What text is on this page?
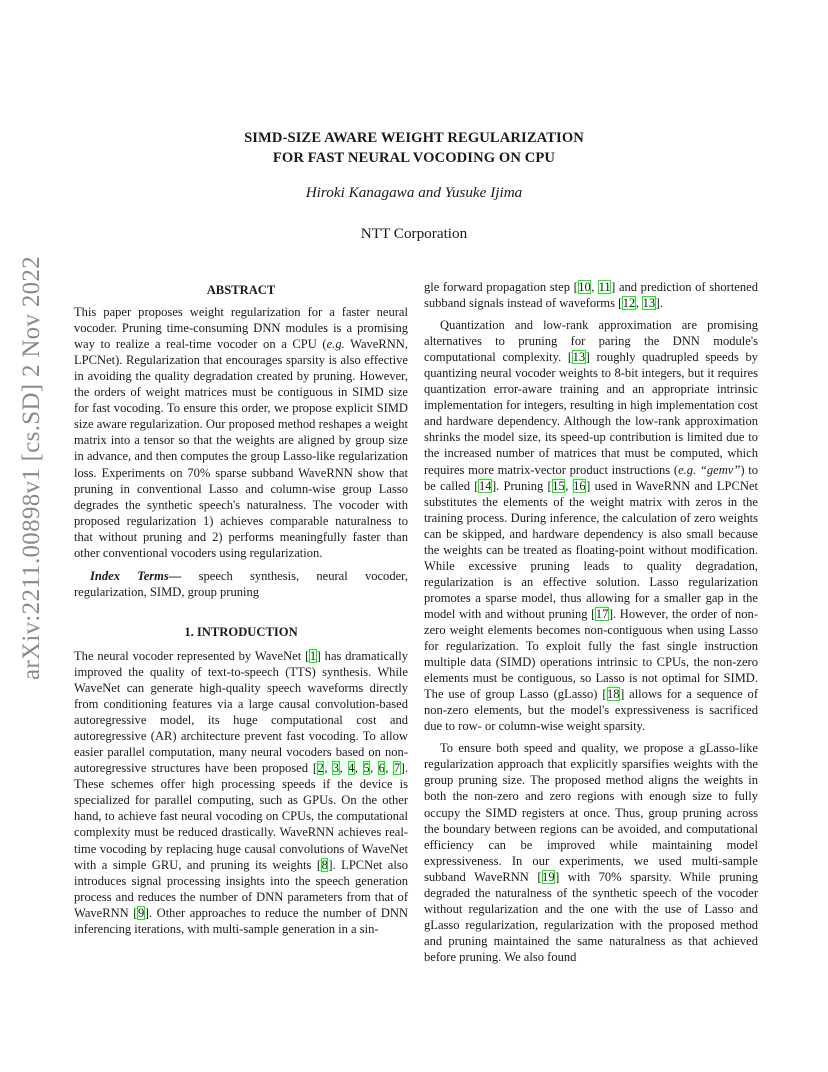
SIMD-SIZE AWARE WEIGHT REGULARIZATION
FOR FAST NEURAL VOCODING ON CPU
Hiroki Kanagawa and Yusuke Ijima
NTT Corporation
arXiv:2211.00898v1 [cs.SD] 2 Nov 2022	ABSTRACT

This paper proposes weight regularization for a faster neural vocoder. Pruning time-consuming DNN modules is a promising way to realize a real-time vocoder on a CPU (e.g. WaveRNN, LPCNet). Regularization that encourages sparsity is also effective in avoiding the quality degradation created by pruning. However, the orders of weight matrices must be contiguous in SIMD size for fast vocoding. To ensure this order, we propose explicit SIMD size aware regularization. Our proposed method reshapes a weight matrix into a tensor so that the weights are aligned by group size in advance, and then computes the group Lasso-like regularization loss. Experiments on 70% sparse subband WaveRNN show that pruning in conventional Lasso and column-wise group Lasso degrades the synthetic speech's naturalness. The vocoder with proposed regularization 1) achieves comparable naturalness to that without pruning and 2) performs meaningfully faster than other conventional vocoders using regularization.

Index Terms— speech synthesis, neural vocoder, regularization, SIMD, group pruning

1. INTRODUCTION

The neural vocoder represented by WaveNet [1] has dramatically improved the quality of text-to-speech (TTS) synthesis. While WaveNet can generate high-quality speech waveforms directly from conditioning features via a large causal convolution-based autoregressive model, its huge computational cost and autoregressive (AR) architecture prevent fast vocoding. To allow easier parallel computation, many neural vocoders based on non-autoregressive structures have been proposed [2, 3, 4, 5, 6, 7]. These schemes offer high processing speeds if the device is specialized for parallel computing, such as GPUs. On the other hand, to achieve fast neural vocoding on CPUs, the computational complexity must be reduced drastically. WaveRNN achieves real-time vocoding by replacing huge causal convolutions of WaveNet with a simple GRU, and pruning its weights [8]. LPCNet also introduces signal processing insights into the speech generation process and reduces the number of DNN parameters from that of WaveRNN [9]. Other approaches to reduce the number of DNN inferencing iterations, with multi-sample generation in a sin-

gle forward propagation step [10, 11] and prediction of shortened subband signals instead of waveforms [12, 13].

Quantization and low-rank approximation are promising alternatives to pruning for paring the DNN module's computational complexity. [13] roughly quadrupled speeds by quantizing neural vocoder weights to 8-bit integers, but it requires quantization error-aware training and an appropriate intrinsic implementation for integers, resulting in high implementation cost and hardware dependency. Although the low-rank approximation shrinks the model size, its speed-up contribution is limited due to the increased number of matrices that must be computed, which requires more matrix-vector product instructions (e.g. “gemv”) to be called [14]. Pruning [15, 16] used in WaveRNN and LPCNet substitutes the elements of the weight matrix with zeros in the training process. During inference, the calculation of zero weights can be skipped, and hardware dependency is also small because the weights can be treated as floating-point without modification. While excessive pruning leads to quality degradation, regularization is an effective solution. Lasso regularization promotes a sparse model, thus allowing for a smaller gap in the model with and without pruning [17]. However, the order of non-zero weight elements becomes non-contiguous when using Lasso for regularization. To exploit fully the fast single instruction multiple data (SIMD) operations intrinsic to CPUs, the non-zero elements must be contiguous, so Lasso is not optimal for SIMD. The use of group Lasso (gLasso) [18] allows for a sequence of non-zero elements, but the model's expressiveness is sacrificed due to row- or column-wise weight sparsity.

To ensure both speed and quality, we propose a gLasso-like regularization approach that explicitly sparsifies weights with the group pruning size. The proposed method aligns the weights in both the non-zero and zero regions with enough size to fully occupy the SIMD registers at once. Thus, group pruning across the boundary between regions can be avoided, and computational efficiency can be improved while maintaining model expressiveness. In our experiments, we used multi-sample subband WaveRNN [19] with 70% sparsity. While pruning degraded the naturalness of the synthetic speech of the vocoder without regularization and the one with the use of Lasso and gLasso regularization, regularization with the proposed method and pruning maintained the same naturalness as that achieved before pruning. We also found
